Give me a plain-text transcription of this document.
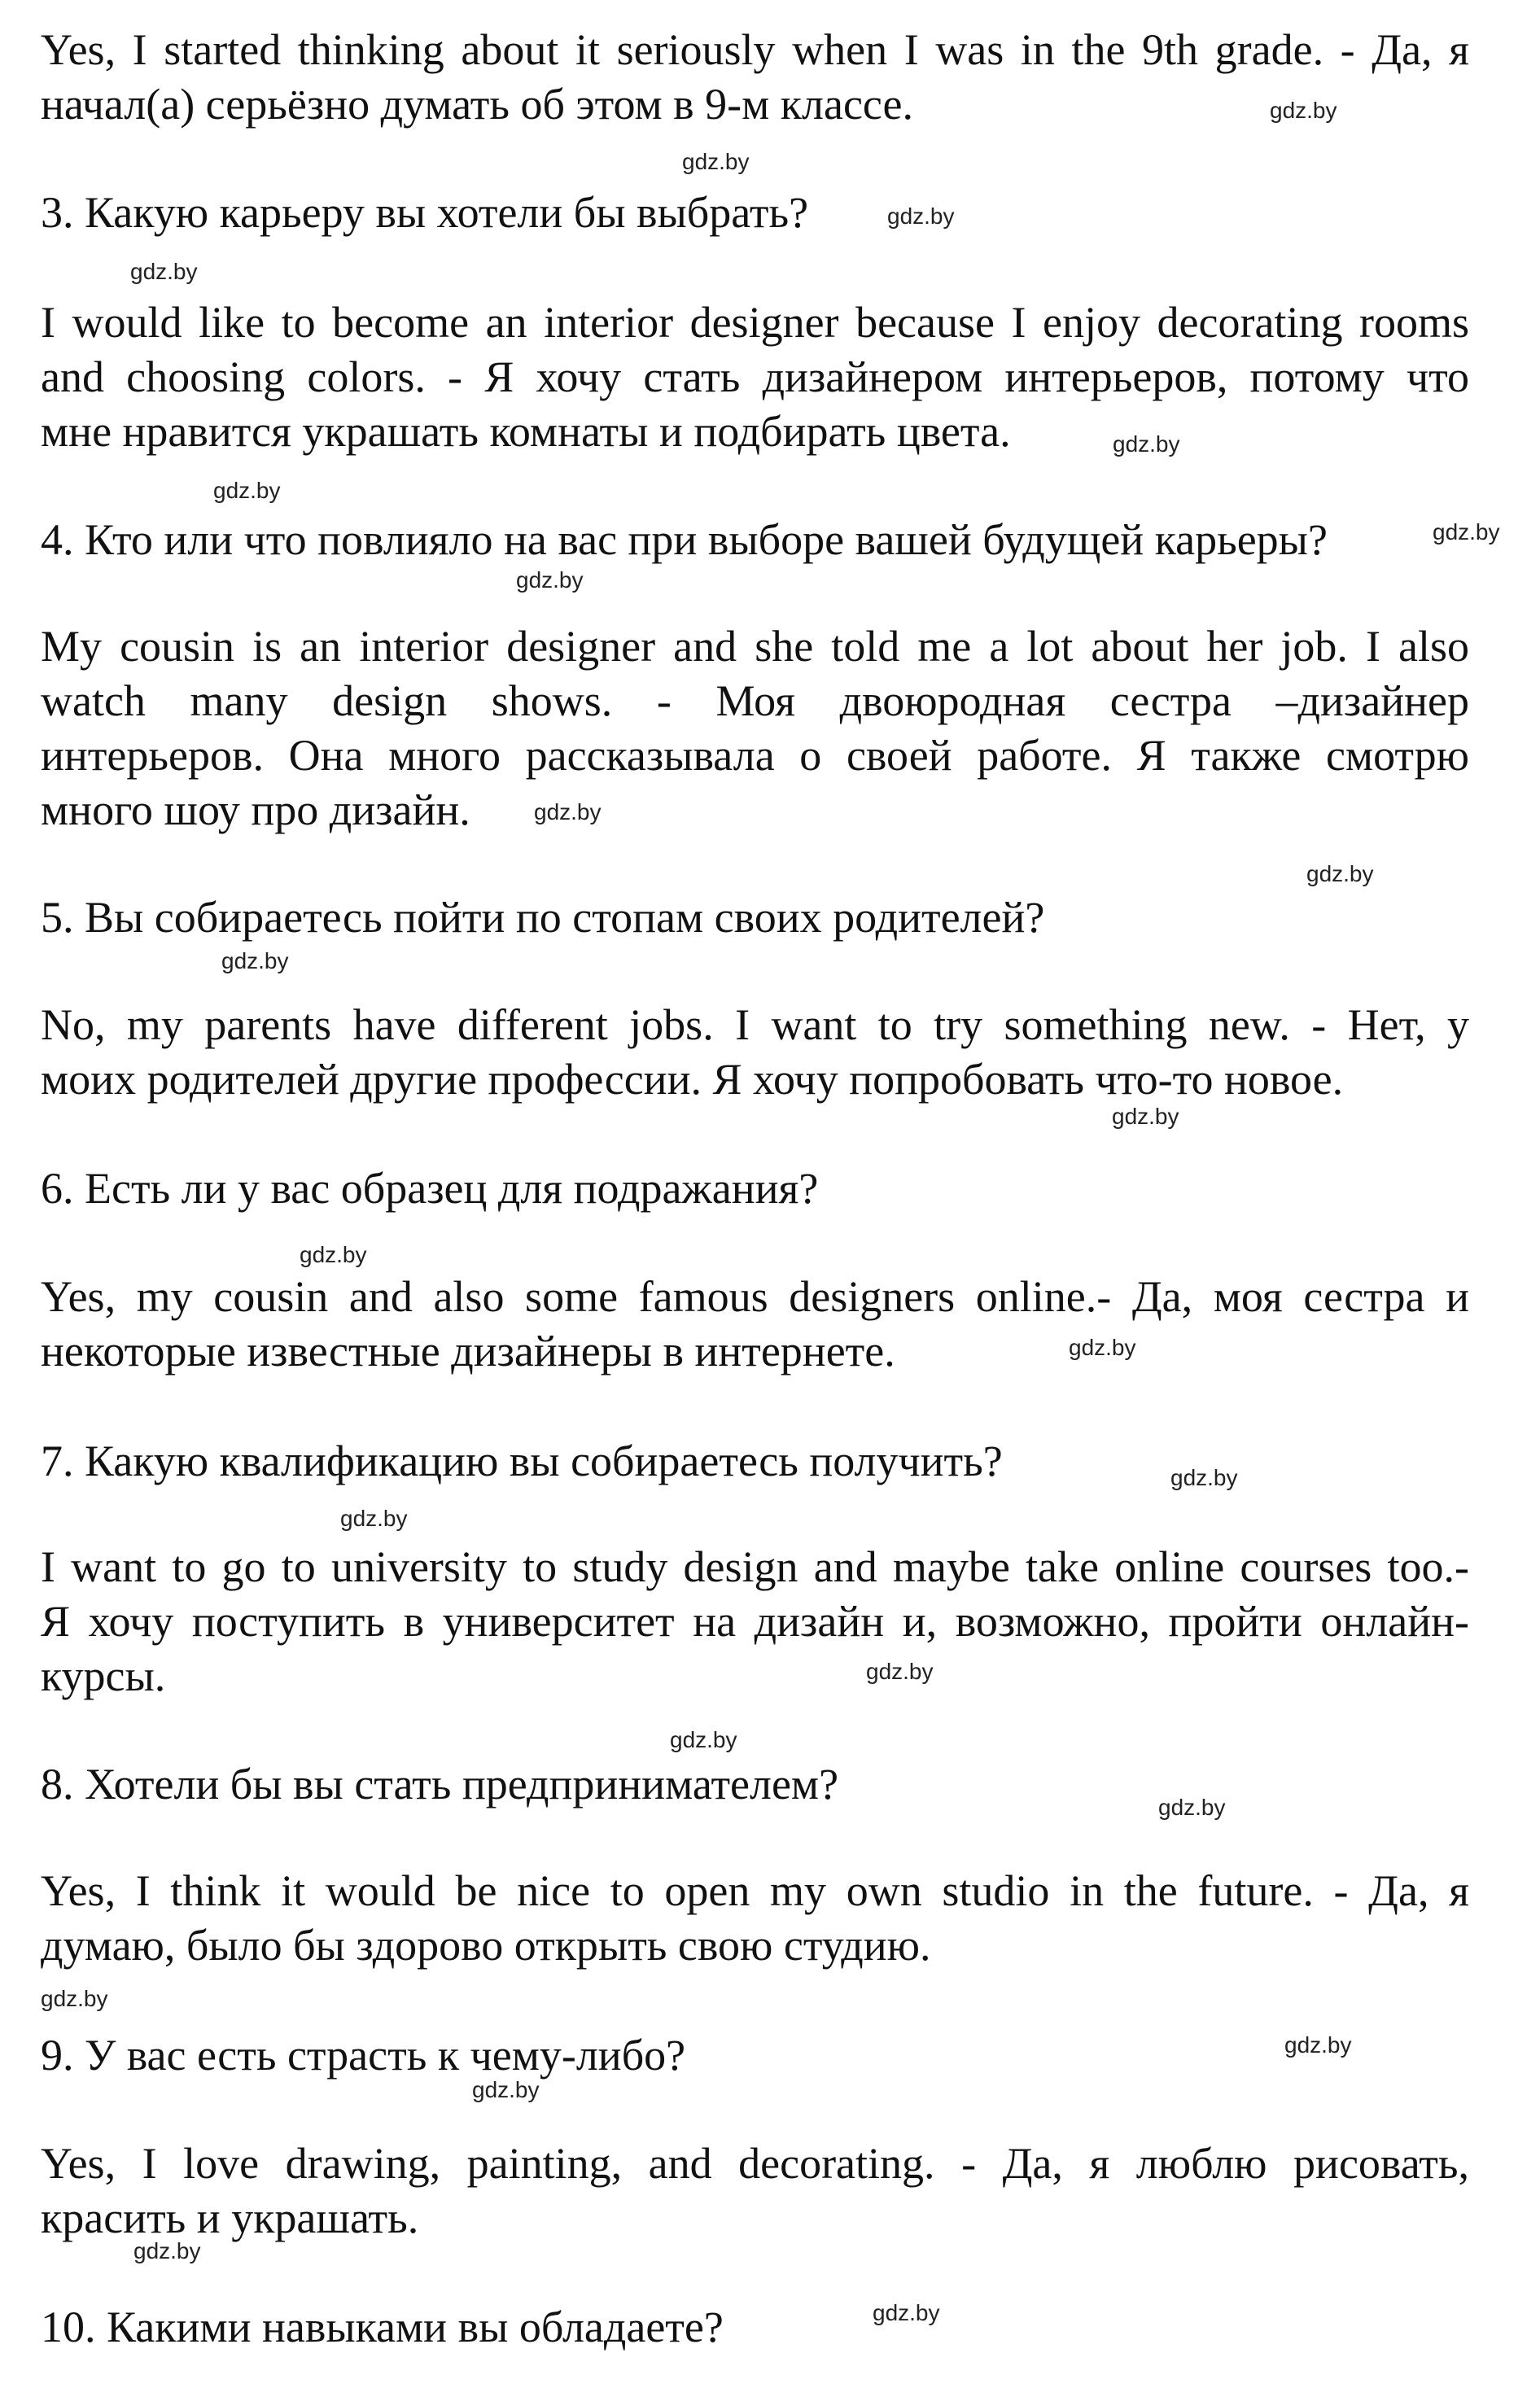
Yes, I started thinking about it seriously when I was in the 9th grade. - Да, я
начал(а) серьёзно думать об этом в 9-м классе.
3. Какую карьеру вы хотели бы выбрать?
I would like to become an interior designer because I enjoy decorating rooms
and choosing colors. - Я хочу стать дизайнером интерьеров, потому что
мне нравится украшать комнаты и подбирать цвета.
4. Кто или что повлияло на вас при выборе вашей будущей карьеры?
My cousin is an interior designer and she told me a lot about her job. I also
watch many design shows. - Моя двоюродная сестра –дизайнер
интерьеров. Она много рассказывала о своей работе. Я также смотрю
много шоу про дизайн.
5. Вы собираетесь пойти по стопам своих родителей?
No, my parents have different jobs. I want to try something new. - Нет, у
моих родителей другие профессии. Я хочу попробовать что-то новое.
6. Есть ли у вас образец для подражания?
Yes, my cousin and also some famous designers online.- Да, моя сестра и
некоторые известные дизайнеры в интернете.
7. Какую квалификацию вы собираетесь получить?
I want to go to university to study design and maybe take online courses too.-
Я хочу поступить в университет на дизайн и, возможно, пройти онлайн-
курсы.
8. Хотели бы вы стать предпринимателем?
Yes, I think it would be nice to open my own studio in the future. - Да, я
думаю, было бы здорово открыть свою студию.
9. У вас есть страсть к чему-либо?
Yes, I love drawing, painting, and decorating. - Да, я люблю рисовать,
красить и украшать.
10. Какими навыками вы обладаете?
gdz.by
gdz.by
gdz.by
gdz.by
gdz.by
gdz.by
gdz.by
gdz.by
gdz.by
gdz.by
gdz.by
gdz.by
gdz.by
gdz.by
gdz.by
gdz.by
gdz.by
gdz.by
gdz.by
gdz.by
gdz.by
gdz.by
gdz.by
gdz.by
